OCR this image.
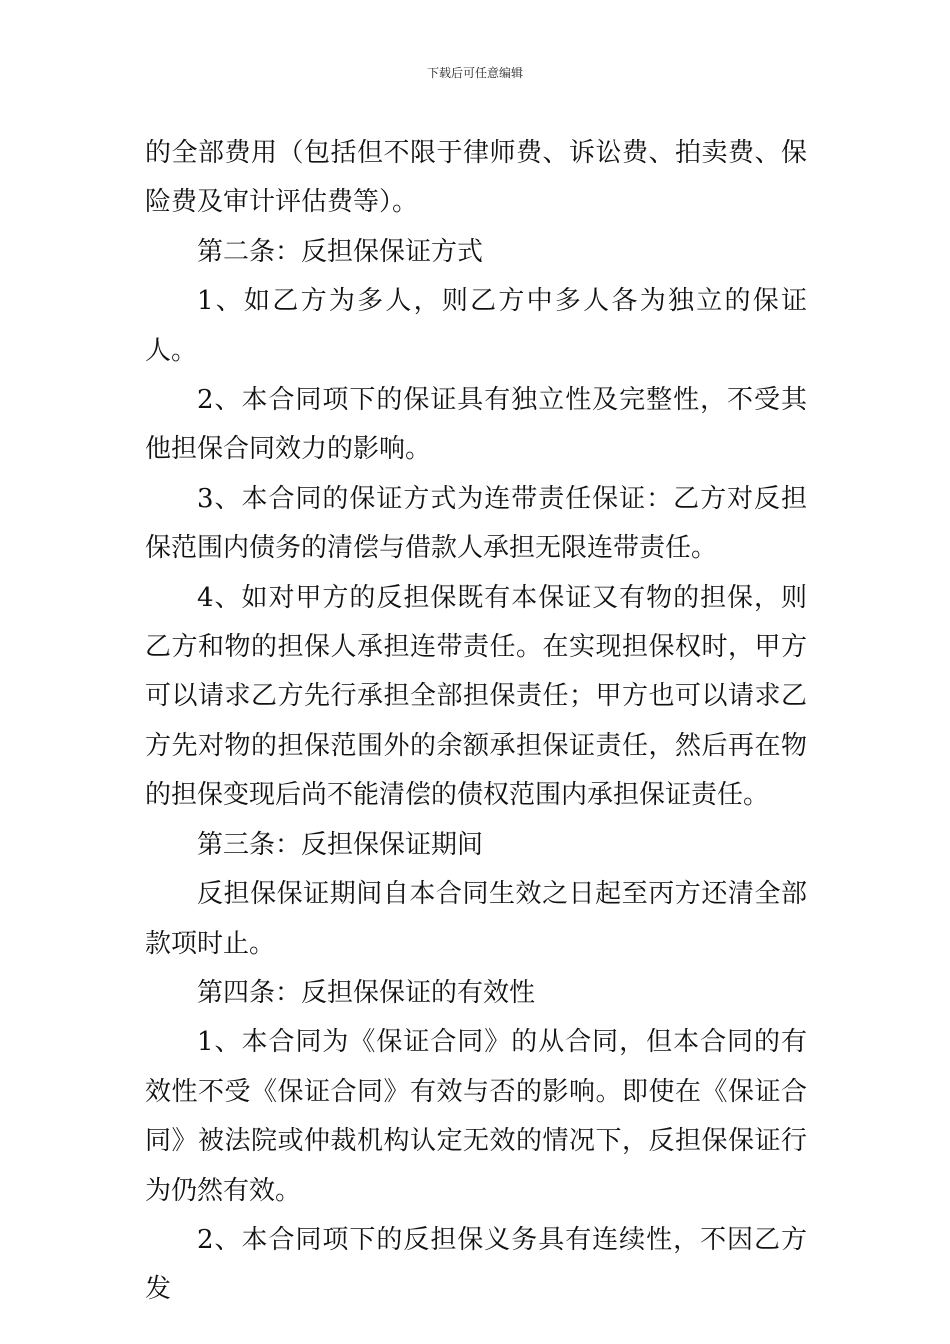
下载后可任意编辑

的全部费用（包括但不限于律师费、诉讼费、拍卖费、保险费及审计评估费等）。

第二条：反担保保证方式

1、如乙方为多人，则乙方中多人各为独立的保证人。

2、本合同项下的保证具有独立性及完整性，不受其他担保合同效力的影响。

3、本合同的保证方式为连带责任保证：乙方对反担保范围内债务的清偿与借款人承担无限连带责任。

4、如对甲方的反担保既有本保证又有物的担保，则乙方和物的担保人承担连带责任。在实现担保权时，甲方可以请求乙方先行承担全部担保责任；甲方也可以请求乙方先对物的担保范围外的余额承担保证责任，然后再在物的担保变现后尚不能清偿的债权范围内承担保证责任。

第三条：反担保保证期间

反担保保证期间自本合同生效之日起至丙方还清全部款项时止。

第四条：反担保保证的有效性

1、本合同为《保证合同》的从合同，但本合同的有效性不受《保证合同》有效与否的影响。即使在《保证合同》被法院或仲裁机构认定无效的情况下，反担保保证行为仍然有效。

2、本合同项下的反担保义务具有连续性，不因乙方发
